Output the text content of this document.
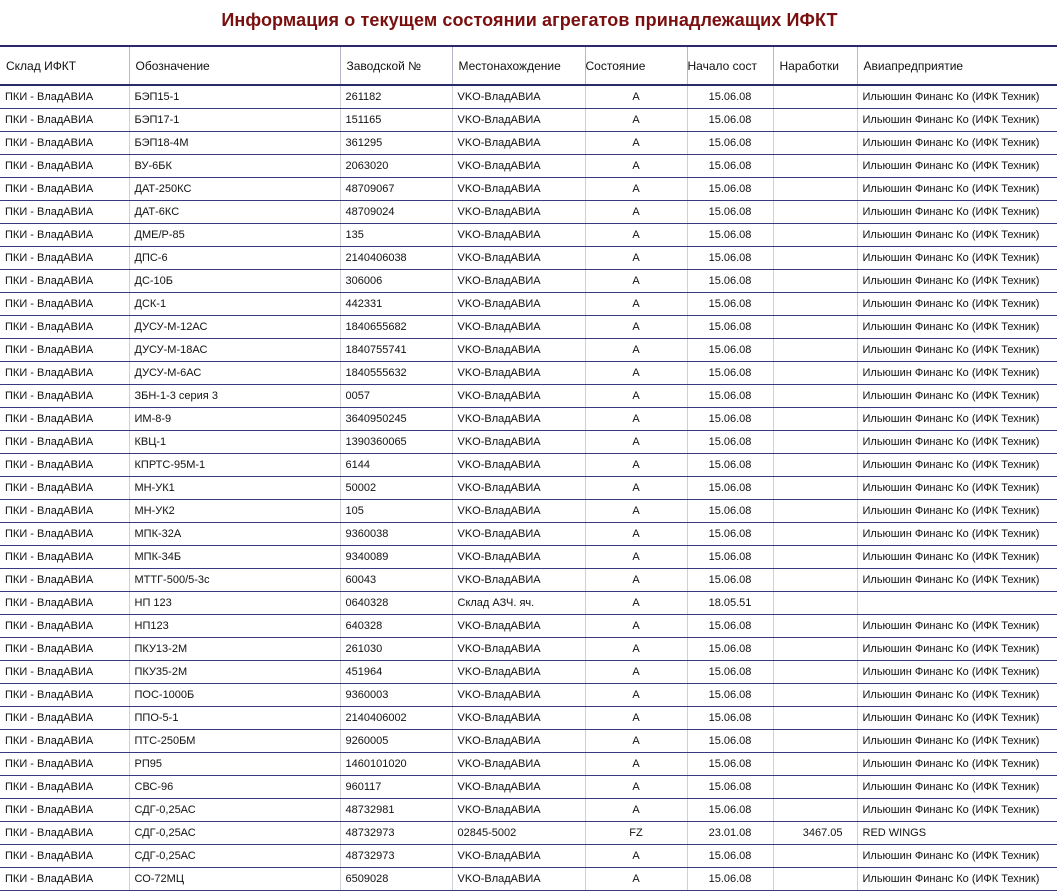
Информация о текущем состоянии агрегатов принадлежащих ИФКТ
Склад ИФКТ	Обозначение	Заводской №	Местонахождение	Состояние	Начало сост	Наработки	Авиапредприятие
ПКИ - ВладАВИА	БЭП15-1	261182	VKO-ВладАВИА	A	15.06.08		Ильюшин Финанс Ко (ИФК Техник)
ПКИ - ВладАВИА	БЭП17-1	151165	VKO-ВладАВИА	A	15.06.08		Ильюшин Финанс Ко (ИФК Техник)
ПКИ - ВладАВИА	БЭП18-4М	361295	VKO-ВладАВИА	A	15.06.08		Ильюшин Финанс Ко (ИФК Техник)
ПКИ - ВладАВИА	ВУ-6БК	2063020	VKO-ВладАВИА	A	15.06.08		Ильюшин Финанс Ко (ИФК Техник)
ПКИ - ВладАВИА	ДАТ-250КС	48709067	VKO-ВладАВИА	A	15.06.08		Ильюшин Финанс Ко (ИФК Техник)
ПКИ - ВладАВИА	ДАТ-6КС	48709024	VKO-ВладАВИА	A	15.06.08		Ильюшин Финанс Ко (ИФК Техник)
ПКИ - ВладАВИА	ДМЕ/Р-85	135	VKO-ВладАВИА	A	15.06.08		Ильюшин Финанс Ко (ИФК Техник)
ПКИ - ВладАВИА	ДПС-6	2140406038	VKO-ВладАВИА	A	15.06.08		Ильюшин Финанс Ко (ИФК Техник)
ПКИ - ВладАВИА	ДС-10Б	306006	VKO-ВладАВИА	A	15.06.08		Ильюшин Финанс Ко (ИФК Техник)
ПКИ - ВладАВИА	ДСК-1	442331	VKO-ВладАВИА	A	15.06.08		Ильюшин Финанс Ко (ИФК Техник)
ПКИ - ВладАВИА	ДУСУ-М-12АС	1840655682	VKO-ВладАВИА	A	15.06.08		Ильюшин Финанс Ко (ИФК Техник)
ПКИ - ВладАВИА	ДУСУ-М-18АС	1840755741	VKO-ВладАВИА	A	15.06.08		Ильюшин Финанс Ко (ИФК Техник)
ПКИ - ВладАВИА	ДУСУ-М-6АС	1840555632	VKO-ВладАВИА	A	15.06.08		Ильюшин Финанс Ко (ИФК Техник)
ПКИ - ВладАВИА	ЗБН-1-3 серия 3	0057	VKO-ВладАВИА	A	15.06.08		Ильюшин Финанс Ко (ИФК Техник)
ПКИ - ВладАВИА	ИМ-8-9	3640950245	VKO-ВладАВИА	A	15.06.08		Ильюшин Финанс Ко (ИФК Техник)
ПКИ - ВладАВИА	КВЦ-1	1390360065	VKO-ВладАВИА	A	15.06.08		Ильюшин Финанс Ко (ИФК Техник)
ПКИ - ВладАВИА	КПРТС-95М-1	6144	VKO-ВладАВИА	A	15.06.08		Ильюшин Финанс Ко (ИФК Техник)
ПКИ - ВладАВИА	МН-УК1	50002	VKO-ВладАВИА	A	15.06.08		Ильюшин Финанс Ко (ИФК Техник)
ПКИ - ВладАВИА	МН-УК2	105	VKO-ВладАВИА	A	15.06.08		Ильюшин Финанс Ко (ИФК Техник)
ПКИ - ВладАВИА	МПК-32А	9360038	VKO-ВладАВИА	A	15.06.08		Ильюшин Финанс Ко (ИФК Техник)
ПКИ - ВладАВИА	МПК-34Б	9340089	VKO-ВладАВИА	A	15.06.08		Ильюшин Финанс Ко (ИФК Техник)
ПКИ - ВладАВИА	МТТГ-500/5-3с	60043	VKO-ВладАВИА	A	15.06.08		Ильюшин Финанс Ко (ИФК Техник)
ПКИ - ВладАВИА	НП 123	0640328	Склад АЗЧ. яч.	A	18.05.51		
ПКИ - ВладАВИА	НП123	640328	VKO-ВладАВИА	A	15.06.08		Ильюшин Финанс Ко (ИФК Техник)
ПКИ - ВладАВИА	ПКУ13-2М	261030	VKO-ВладАВИА	A	15.06.08		Ильюшин Финанс Ко (ИФК Техник)
ПКИ - ВладАВИА	ПКУ35-2М	451964	VKO-ВладАВИА	A	15.06.08		Ильюшин Финанс Ко (ИФК Техник)
ПКИ - ВладАВИА	ПОС-1000Б	9360003	VKO-ВладАВИА	A	15.06.08		Ильюшин Финанс Ко (ИФК Техник)
ПКИ - ВладАВИА	ППО-5-1	2140406002	VKO-ВладАВИА	A	15.06.08		Ильюшин Финанс Ко (ИФК Техник)
ПКИ - ВладАВИА	ПТС-250БМ	9260005	VKO-ВладАВИА	A	15.06.08		Ильюшин Финанс Ко (ИФК Техник)
ПКИ - ВладАВИА	РП95	1460101020	VKO-ВладАВИА	A	15.06.08		Ильюшин Финанс Ко (ИФК Техник)
ПКИ - ВладАВИА	СВС-96	960117	VKO-ВладАВИА	A	15.06.08		Ильюшин Финанс Ко (ИФК Техник)
ПКИ - ВладАВИА	СДГ-0,25АС	48732981	VKO-ВладАВИА	A	15.06.08		Ильюшин Финанс Ко (ИФК Техник)
ПКИ - ВладАВИА	СДГ-0,25АС	48732973	02845-5002	FZ	23.01.08	3467.05	RED WINGS
ПКИ - ВладАВИА	СДГ-0,25АС	48732973	VKO-ВладАВИА	A	15.06.08		Ильюшин Финанс Ко (ИФК Техник)
ПКИ - ВладАВИА	СО-72МЦ	6509028	VKO-ВладАВИА	A	15.06.08		Ильюшин Финанс Ко (ИФК Техник)
